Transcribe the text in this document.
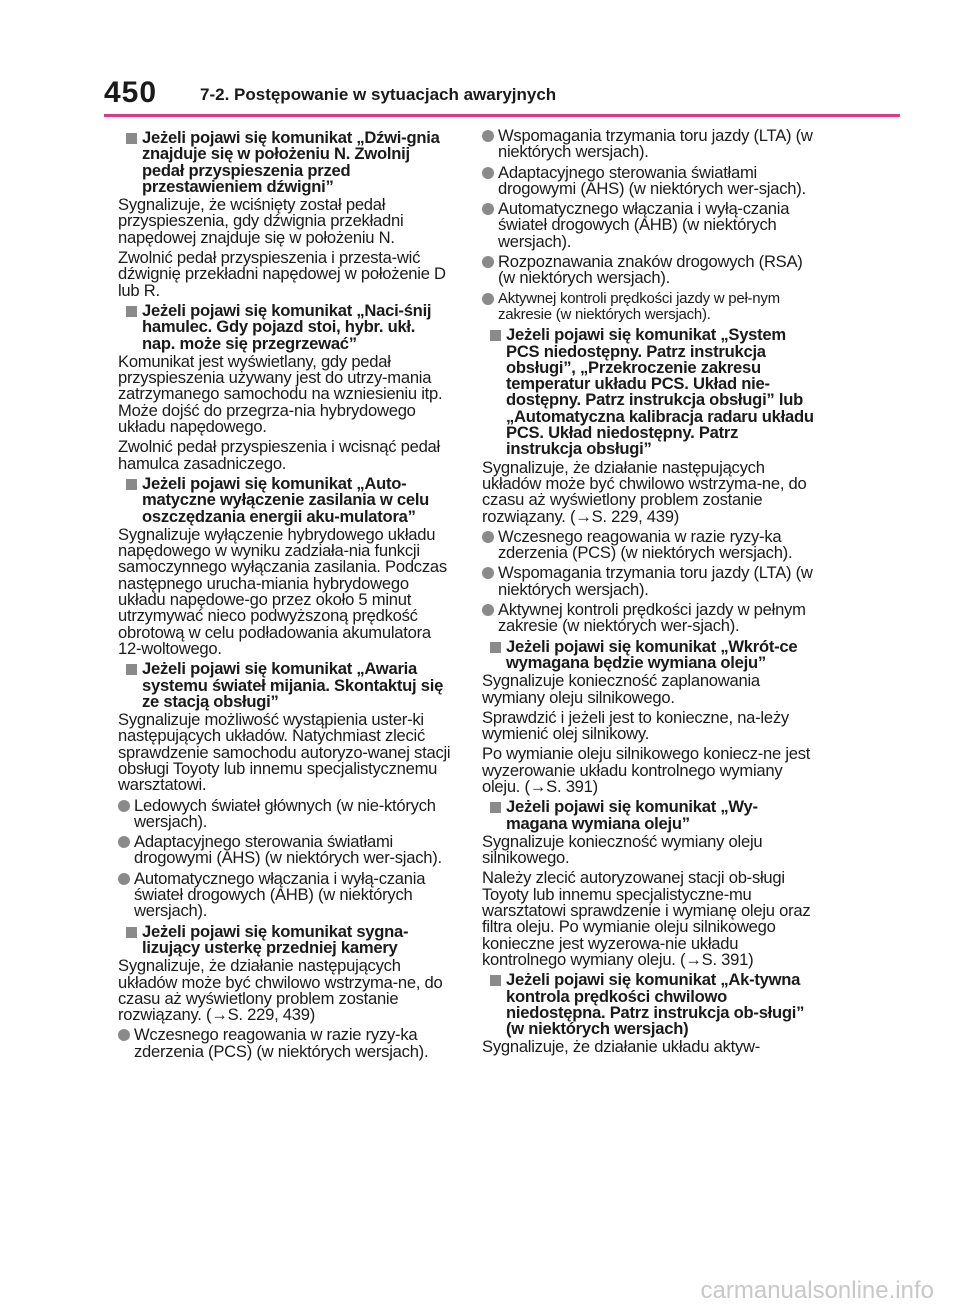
450	7-2. Postępowanie w sytuacjach awaryjnych
Jeżeli pojawi się komunikat „Dźwi-gnia znajduje się w położeniu N. Zwolnij pedał przyspieszenia przed przestawieniem dźwigni”
Sygnalizuje, że wciśnięty został pedał przyspieszenia, gdy dźwignia przekładni napędowej znajduje się w położeniu N.
Zwolnić pedał przyspieszenia i przesta-wić dźwignię przekładni napędowej w położenie D lub R.
Jeżeli pojawi się komunikat „Naci-śnij hamulec. Gdy pojazd stoi, hybr. ukł. nap. może się przegrzewać”
Komunikat jest wyświetlany, gdy pedał przyspieszenia używany jest do utrzy-mania zatrzymanego samochodu na wzniesieniu itp. Może dojść do przegrza-nia hybrydowego układu napędowego.
Zwolnić pedał przyspieszenia i wcisnąć pedał hamulca zasadniczego.
Jeżeli pojawi się komunikat „Auto-matyczne wyłączenie zasilania w celu oszczędzania energii aku-mulatora”
Sygnalizuje wyłączenie hybrydowego układu napędowego w wyniku zadziała-nia funkcji samoczynnego wyłączania zasilania. Podczas następnego urucha-miania hybrydowego układu napędowe-go przez około 5 minut utrzymywać nieco podwyższoną prędkość obrotową w celu podładowania akumulatora 12-woltowego.
Jeżeli pojawi się komunikat „Awaria systemu świateł mijania. Skontaktuj się ze stacją obsługi”
Sygnalizuje możliwość wystąpienia uster-ki następujących układów. Natychmiast zlecić sprawdzenie samochodu autoryzo-wanej stacji obsługi Toyoty lub innemu specjalistycznemu warsztatowi.
Ledowych świateł głównych (w nie-których wersjach).
Adaptacyjnego sterowania światłami drogowymi (AHS) (w niektórych wer-sjach).
Automatycznego włączania i wyłą-czania świateł drogowych (AHB) (w niektórych wersjach).
Jeżeli pojawi się komunikat sygna-lizujący usterkę przedniej kamery
Sygnalizuje, że działanie następujących układów może być chwilowo wstrzyma-ne, do czasu aż wyświetlony problem zostanie rozwiązany. (→S. 229, 439)
Wczesnego reagowania w razie ryzy-ka zderzenia (PCS) (w niektórych wersjach).
Wspomagania trzymania toru jazdy (LTA) (w niektórych wersjach).
Adaptacyjnego sterowania światłami drogowymi (AHS) (w niektórych wer-sjach).
Automatycznego włączania i wyłą-czania świateł drogowych (AHB) (w niektórych wersjach).
Rozpoznawania znaków drogowych (RSA) (w niektórych wersjach).
Aktywnej kontroli prędkości jazdy w peł-nym zakresie (w niektórych wersjach).
Jeżeli pojawi się komunikat „System PCS niedostępny. Patrz instrukcja obsługi”, „Przekroczenie zakresu temperatur układu PCS. Układ nie-dostępny. Patrz instrukcja obsługi” lub „Automatyczna kalibracja radaru układu PCS. Układ niedostępny. Patrz instrukcja obsługi”
Sygnalizuje, że działanie następujących układów może być chwilowo wstrzyma-ne, do czasu aż wyświetlony problem zostanie rozwiązany. (→S. 229, 439)
Wczesnego reagowania w razie ryzy-ka zderzenia (PCS) (w niektórych wersjach).
Wspomagania trzymania toru jazdy (LTA) (w niektórych wersjach).
Aktywnej kontroli prędkości jazdy w pełnym zakresie (w niektórych wer-sjach).
Jeżeli pojawi się komunikat „Wkrót-ce wymagana będzie wymiana oleju”
Sygnalizuje konieczność zaplanowania wymiany oleju silnikowego.
Sprawdzić i jeżeli jest to konieczne, na-leży wymienić olej silnikowy.
Po wymianie oleju silnikowego koniecz-ne jest wyzerowanie układu kontrolnego wymiany oleju. (→S. 391)
Jeżeli pojawi się komunikat „Wy-magana wymiana oleju”
Sygnalizuje konieczność wymiany oleju silnikowego.
Należy zlecić autoryzowanej stacji ob-sługi Toyoty lub innemu specjalistyczne-mu warsztatowi sprawdzenie i wymianę oleju oraz filtra oleju. Po wymianie oleju silnikowego konieczne jest wyzerowa-nie układu kontrolnego wymiany oleju. (→S. 391)
Jeżeli pojawi się komunikat „Ak-tywna kontrola prędkości chwilowo niedostępna. Patrz instrukcja ob-sługi” (w niektórych wersjach)
Sygnalizuje, że działanie układu aktyw-
carmanualsonline.info
